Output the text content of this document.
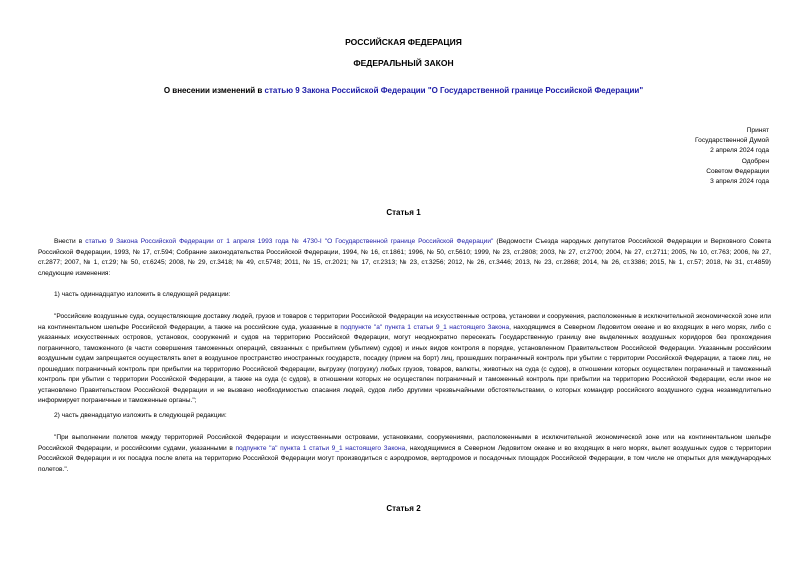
РОССИЙСКАЯ ФЕДЕРАЦИЯ
ФЕДЕРАЛЬНЫЙ ЗАКОН
О внесении изменений в статью 9 Закона Российской Федерации "О Государственной границе Российской Федерации"
Принят
Государственной Думой
2 апреля 2024 года
Одобрен
Советом Федерации
3 апреля 2024 года
Статья 1
Внести в статью 9 Закона Российской Федерации от 1 апреля 1993 года № 4730-I "О Государственной границе Российской Федерации" (Ведомости Съезда народных депутатов Российской Федерации и Верховного Совета Российской Федерации, 1993, № 17, ст.594; Собрание законодательства Российской Федерации, 1994, № 16, ст.1861; 1996, № 50, ст.5610; 1999, № 23, ст.2808; 2003, № 27, ст.2700; 2004, № 27, ст.2711; 2005, № 10, ст.763; 2006, № 27, ст.2877; 2007, № 1, ст.29; № 50, ст.6245; 2008, № 29, ст.3418; № 49, ст.5748; 2011, № 15, ст.2021; № 17, ст.2313; № 23, ст.3256; 2012, № 26, ст.3446; 2013, № 23, ст.2868; 2014, № 26, ст.3386; 2015, № 1, ст.57; 2018, № 31, ст.4859) следующие изменения:
1) часть одиннадцатую изложить в следующей редакции:
"Российские воздушные суда, осуществляющие доставку людей, грузов и товаров с территории Российской Федерации на искусственные острова, установки и сооружения, расположенные в исключительной экономической зоне или на континентальном шельфе Российской Федерации, а также на российские суда, указанные в подпункте "а" пункта 1 статьи 9_1 настоящего Закона, находящимся в Северном Ледовитом океане и во входящих в него морях, либо с указанных искусственных островов, установок, сооружений и судов на территорию Российской Федерации, могут неоднократно пересекать Государственную границу вне выделенных воздушных коридоров без прохождения пограничного, таможенного (в части совершения таможенных операций, связанных с прибытием (убытием) судов) и иных видов контроля в порядке, установленном Правительством Российской Федерации. Указанным российским воздушным судам запрещается осуществлять влет в воздушное пространство иностранных государств, посадку (прием на борт) лиц, прошедших пограничный контроль при убытии с территории Российской Федерации, а также лиц, не прошедших пограничный контроль при прибытии на территорию Российской Федерации, выгрузку (погрузку) любых грузов, товаров, валюты, животных на суда (с судов), в отношении которых осуществлен пограничный и таможенный контроль при убытии с территории Российской Федерации, а также на суда (с судов), в отношении которых не осуществлен пограничный и таможенный контроль при прибытии на территорию Российской Федерации, если иное не установлено Правительством Российской Федерации и не вызвано необходимостью спасания людей, судов либо другими чрезвычайными обстоятельствами, о которых командир российского воздушного судна незамедлительно информирует пограничные и таможенные органы.";
2) часть двенадцатую изложить в следующей редакции:
"При выполнении полетов между территорией Российской Федерации и искусственными островами, установками, сооружениями, расположенными в исключительной экономической зоне или на континентальном шельфе Российской Федерации, и российскими судами, указанными в подпункте "а" пункта 1 статьи 9_1 настоящего Закона, находящимися в Северном Ледовитом океане и во входящих в него морях, вылет воздушных судов с территории Российской Федерации и их посадка после влета на территорию Российской Федерации могут производиться с аэродромов, вертодромов и посадочных площадок Российской Федерации, в том числе не открытых для международных полетов.".
Статья 2
